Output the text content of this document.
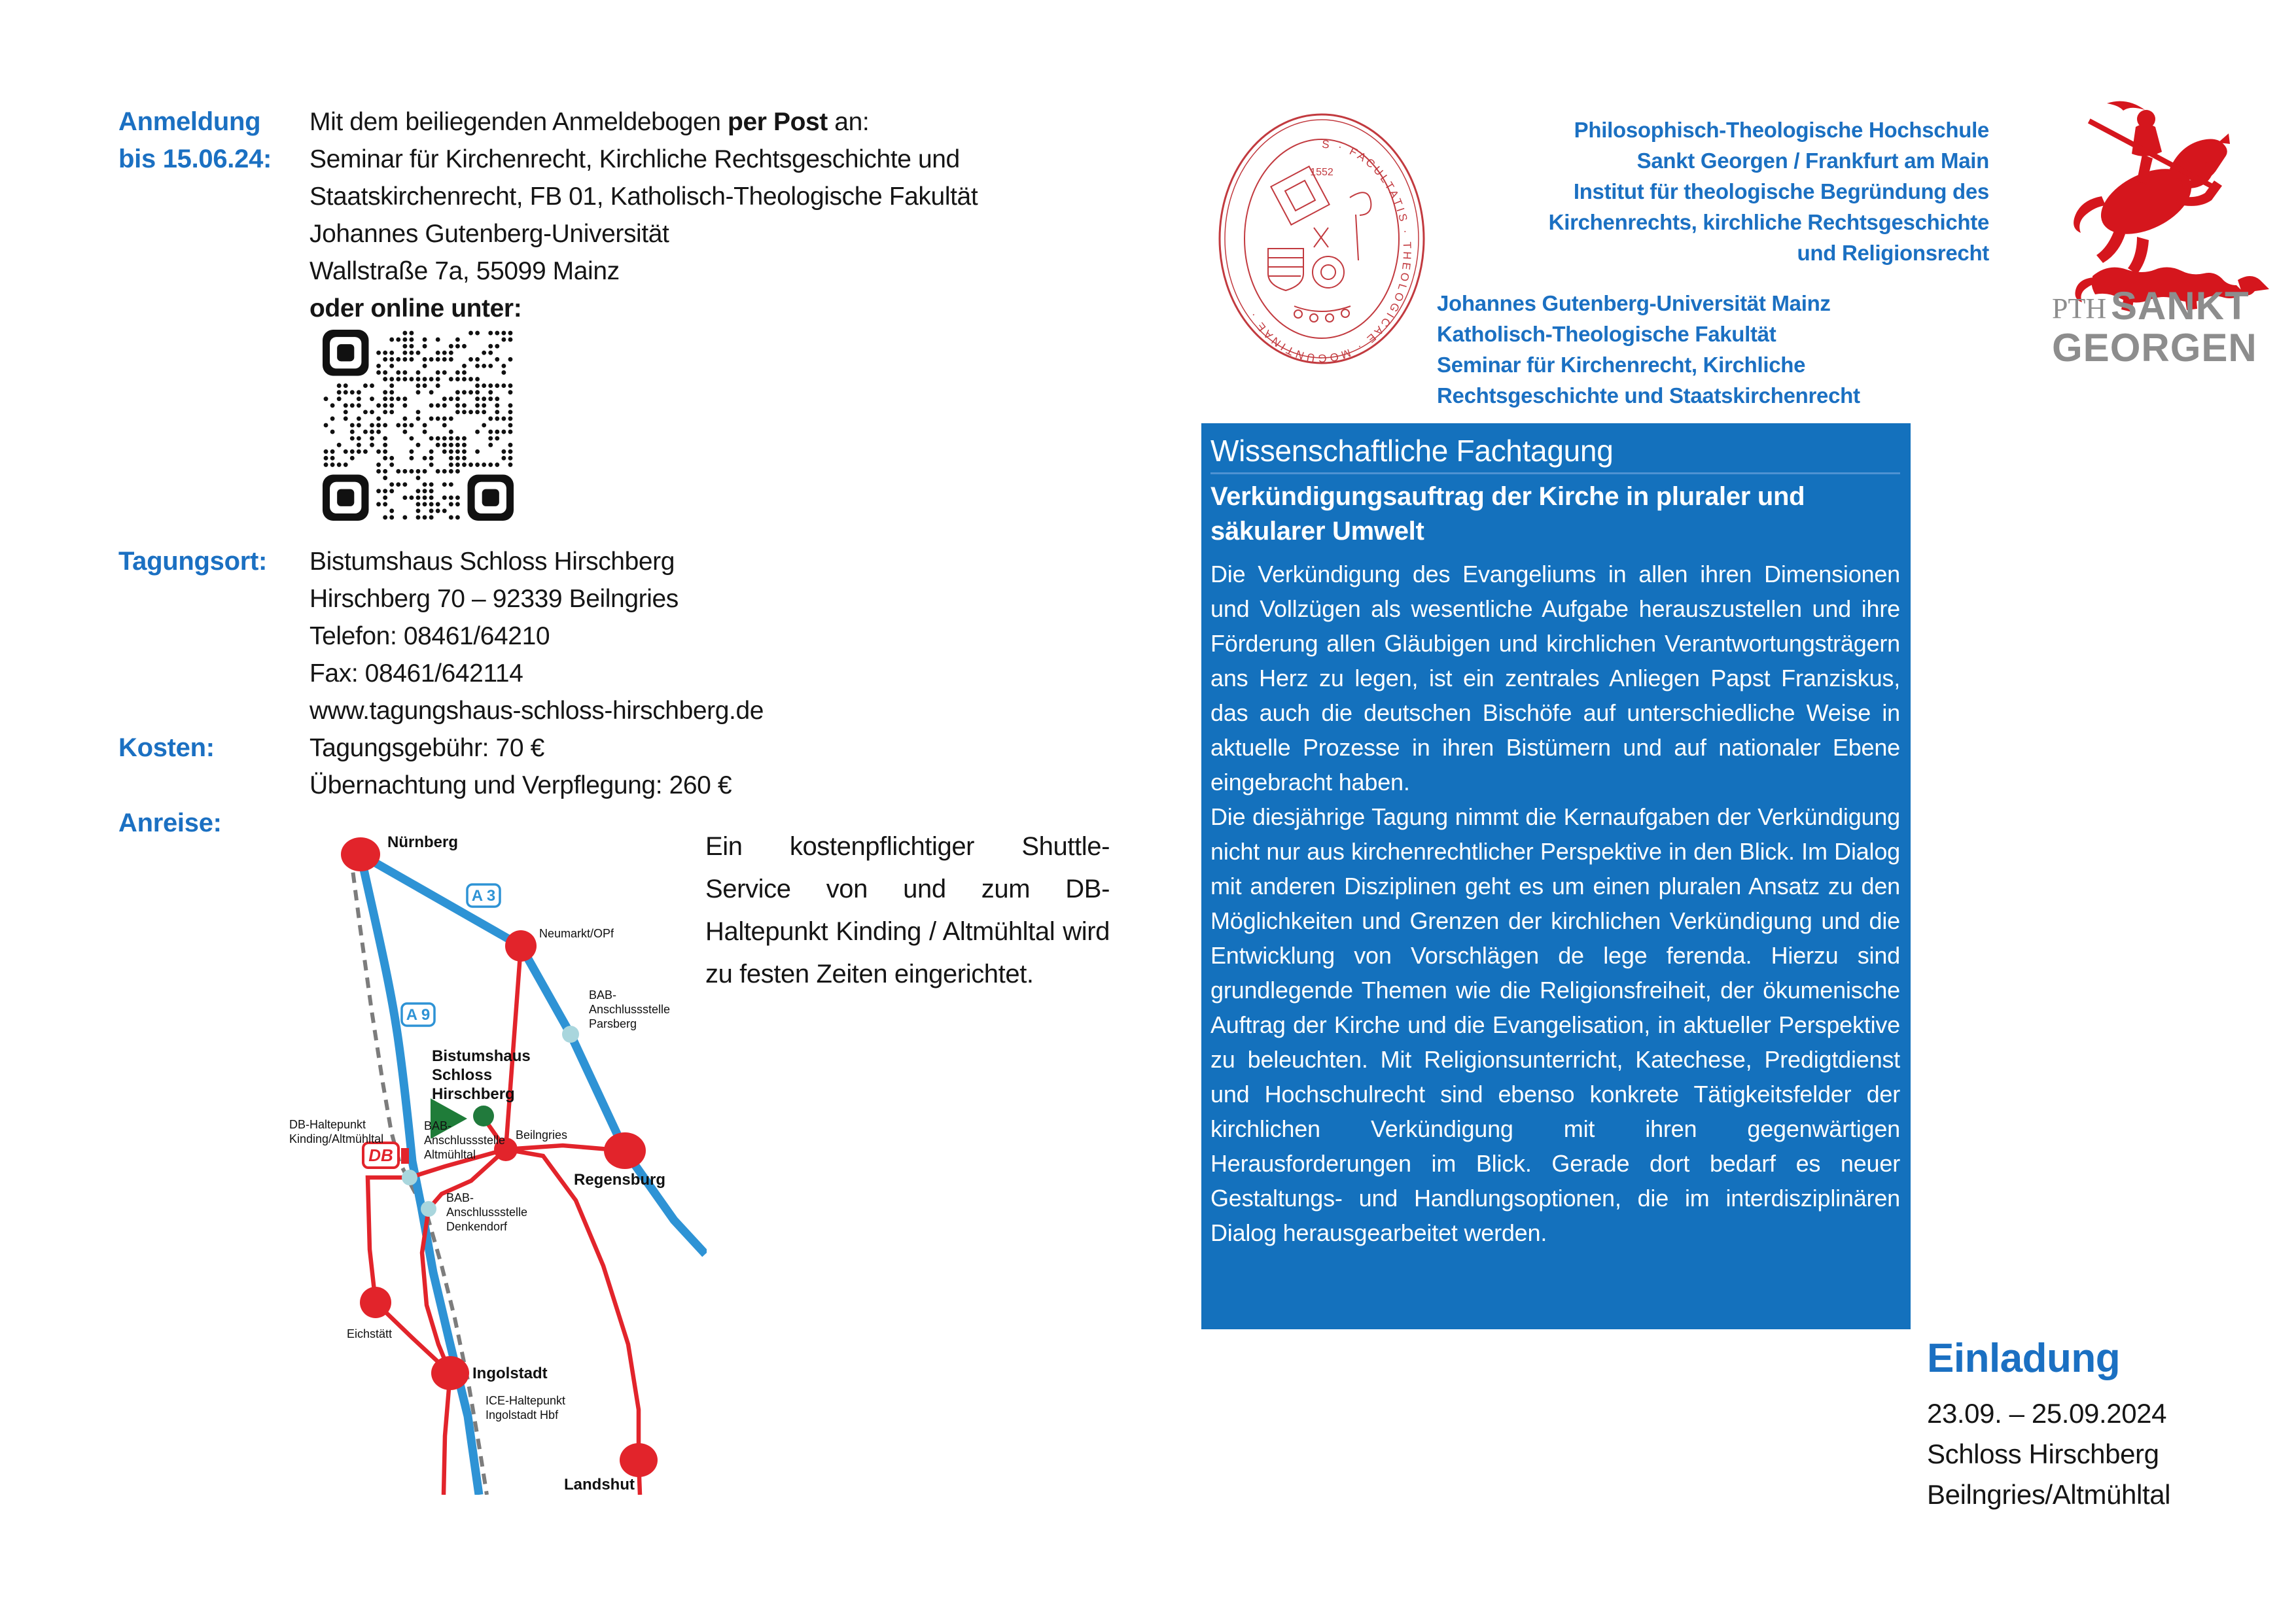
Anmeldung
bis 15.06.24:
Mit dem beiliegenden Anmeldebogen per Post an:
Seminar für Kirchenrecht, Kirchliche Rechtsgeschichte und
Staatskirchenrecht, FB 01, Katholisch-Theologische Fakultät
Johannes Gutenberg-Universität
Wallstraße 7a, 55099 Mainz
oder online unter:
Tagungsort: Bistumshaus Schloss Hirschberg
Hirschberg 70 – 92339 Beilngries
Telefon: 08461/64210
Fax: 08461/642114
www.tagungshaus-schloss-hirschberg.de
Kosten:	Tagungsgebühr: 70 €
Übernachtung und Verpflegung: 260 €
Anreise:
Ein kostenpflichtiger Shuttle-Service von und zum DB-Haltepunkt Kinding / Altmühltal wird zu festen Zeiten eingerichtet.
A 3
A 9
DB
Nürnberg
Neumarkt/OPf
BAB-
Anschlussstelle
Parsberg
Bistumshaus
Schloss
Hirschberg
Beilngries
Regensburg
DB-Haltepunkt
Kinding/Altmühltal
BAB-
Anschlussstelle
Altmühltal
BAB-
Anschlussstelle
Denkendorf
Eichstätt
Ingolstadt
ICE-Haltepunkt
Ingolstadt Hbf
Landshut
S · FACULTATIS · THEOLOGICAE · MOGUNTINAE ·
1552
Philosophisch-Theologische Hochschule
Sankt Georgen / Frankfurt am Main
Institut für theologische Begründung des
Kirchenrechts, kirchliche Rechtsgeschichte
und Religionsrecht
Johannes Gutenberg-Universität Mainz
Katholisch-Theologische Fakultät
Seminar für Kirchenrecht, Kirchliche
Rechtsgeschichte und Staatskirchenrecht
PTH SANKT
GEORGEN
Wissenschaftliche Fachtagung
Verkündigungsauftrag der Kirche in pluraler und säkularer Umwelt

Die Verkündigung des Evangeliums in allen ihren Dimensionen und Vollzügen als wesentliche Aufgabe herauszustellen und ihre Förderung allen Gläubigen und kirchlichen Verantwortungsträgern ans Herz zu legen, ist ein zentrales Anliegen Papst Franziskus, das auch die deutschen Bischöfe auf unterschiedliche Weise in aktuelle Prozesse in ihren Bistümern und auf nationaler Ebene eingebracht haben.

Die diesjährige Tagung nimmt die Kernaufgaben der Verkündigung nicht nur aus kirchenrechtlicher Perspektive in den Blick. Im Dialog mit anderen Disziplinen geht es um einen pluralen Ansatz zu den Möglichkeiten und Grenzen der kirchlichen Verkündigung und die Entwicklung von Vorschlägen de lege ferenda. Hierzu sind grundlegende Themen wie die Religionsfreiheit, der ökumenische Auftrag der Kirche und die Evangelisation, in aktueller Perspektive zu beleuchten. Mit Religionsunterricht, Katechese, Predigtdienst und Hochschulrecht sind ebenso konkrete Tätigkeitsfelder der kirchlichen Verkündigung mit ihren gegenwärtigen Herausforderungen im Blick. Gerade dort bedarf es neuer Gestaltungs- und Handlungsoptionen, die im interdisziplinären Dialog herausgearbeitet werden.

Einladung
23.09. – 25.09.2024
Schloss Hirschberg
Beilngries/Altmühltal
